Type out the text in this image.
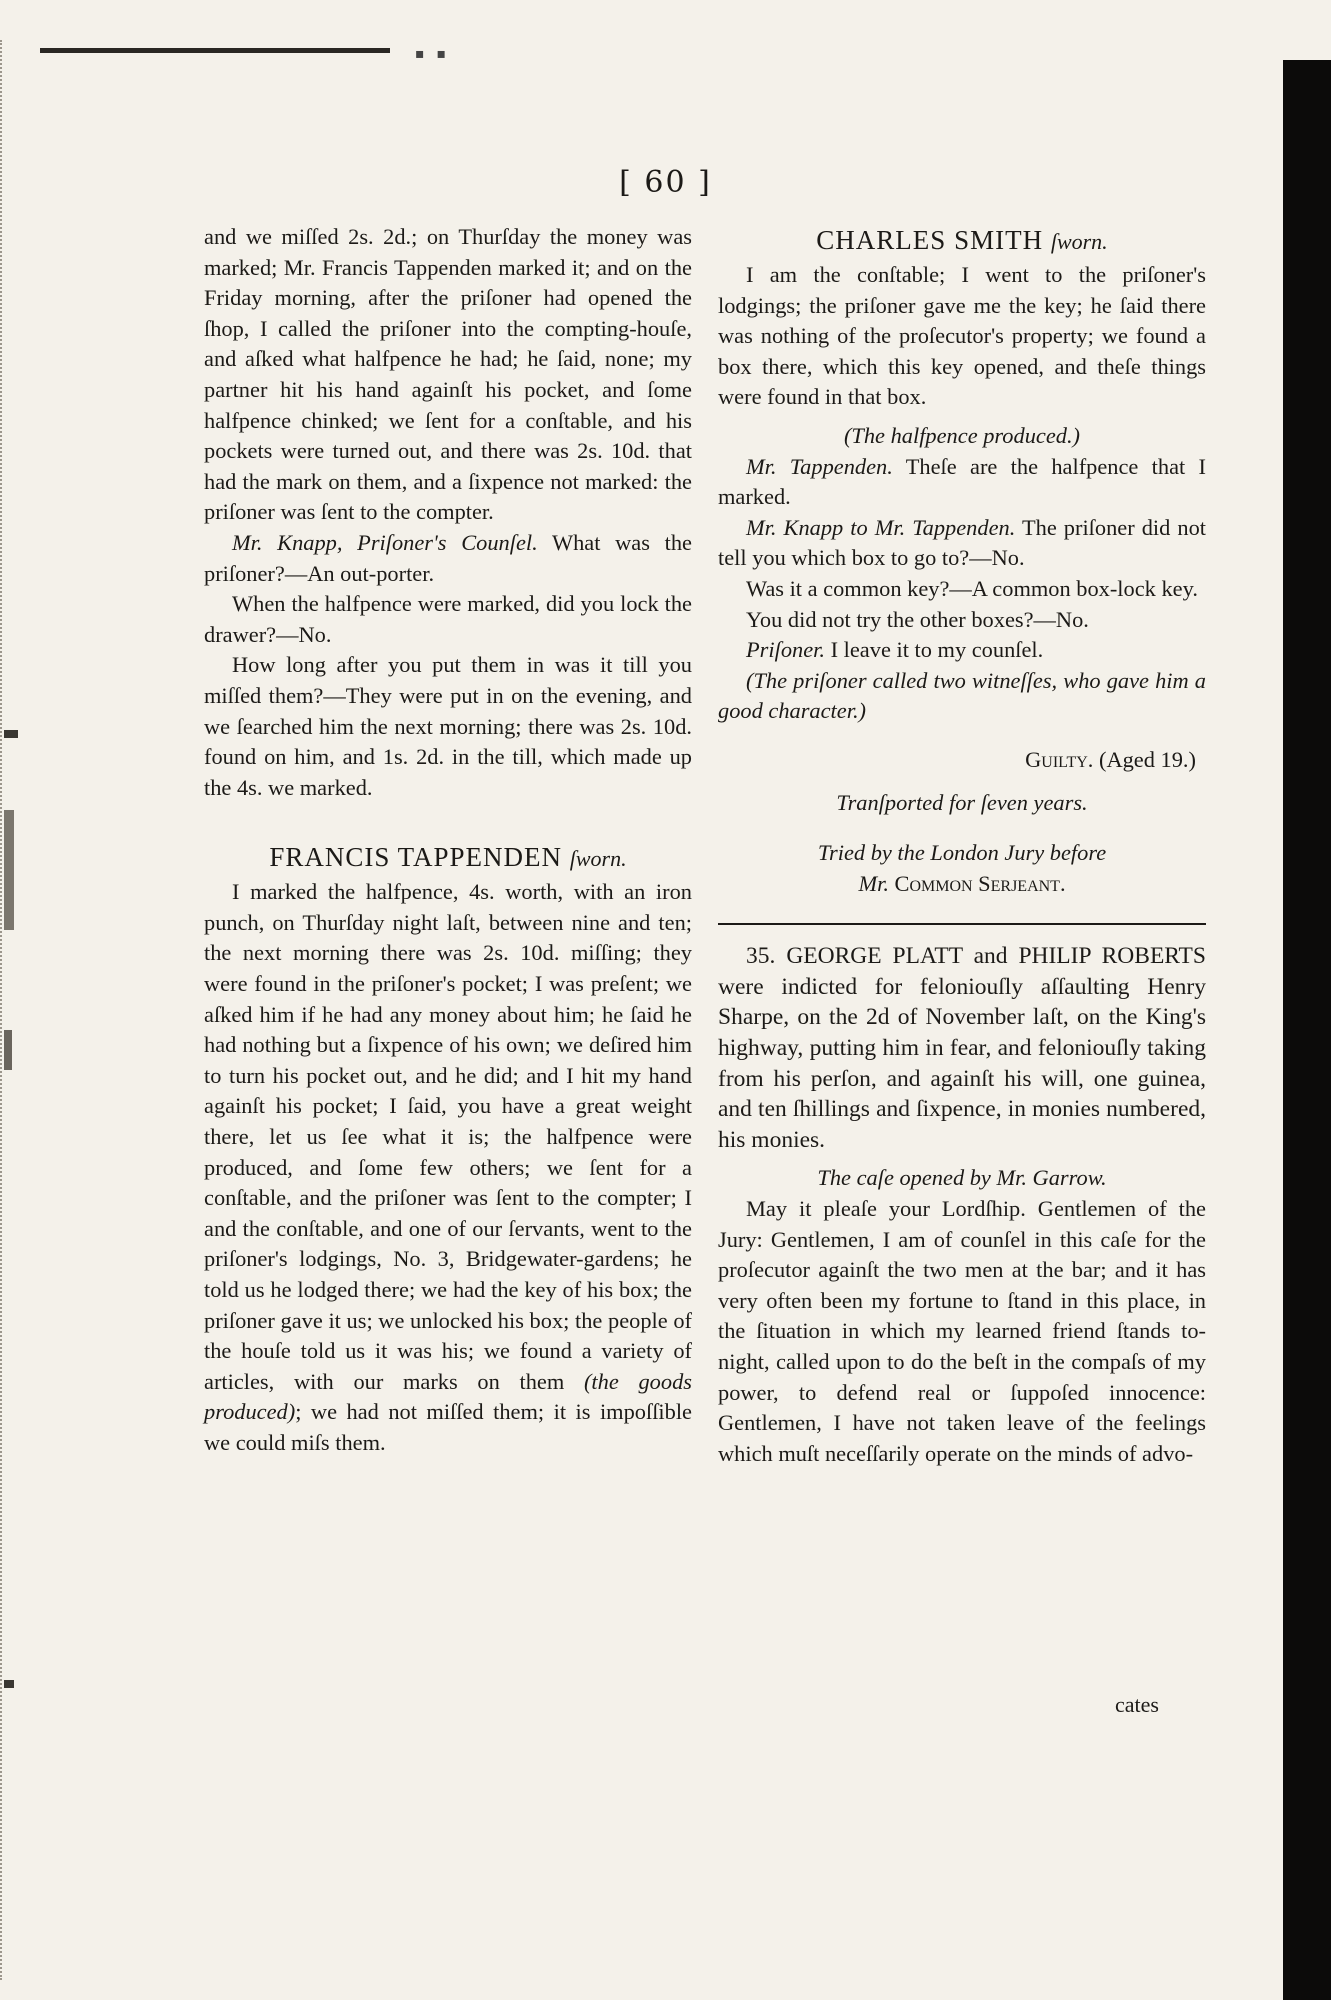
▪▪
[ 60 ]

and we miſſed 2s. 2d.; on Thurſday the money was marked; Mr. Francis Tappenden marked it; and on the Friday morning, after the priſoner had opened the ſhop, I called the priſoner into the compting-houſe, and aſked what halfpence he had; he ſaid, none; my partner hit his hand againſt his pocket, and ſome halfpence chinked; we ſent for a conſtable, and his pockets were turned out, and there was 2s. 10d. that had the mark on them, and a ſixpence not marked: the priſoner was ſent to the compter.

Mr. Knapp, Priſoner's Counſel. What was the priſoner?—An out-porter.

When the halfpence were marked, did you lock the drawer?—No.

How long after you put them in was it till you miſſed them?—They were put in on the evening, and we ſearched him the next morning; there was 2s. 10d. found on him, and 1s. 2d. in the till, which made up the 4s. we marked.

FRANCIS TAPPENDEN ſworn.

I marked the halfpence, 4s. worth, with an iron punch, on Thurſday night laſt, between nine and ten; the next morning there was 2s. 10d. miſſing; they were found in the priſoner's pocket; I was preſent; we aſked him if he had any money about him; he ſaid he had nothing but a ſixpence of his own; we deſired him to turn his pocket out, and he did; and I hit my hand againſt his pocket; I ſaid, you have a great weight there, let us ſee what it is; the halfpence were produced, and ſome few others; we ſent for a conſtable, and the priſoner was ſent to the compter; I and the conſtable, and one of our ſervants, went to the priſoner's lodgings, No. 3, Bridgewater-gardens; he told us he lodged there; we had the key of his box; the priſoner gave it us; we unlocked his box; the people of the houſe told us it was his; we found a variety of articles, with our marks on them (the goods produced); we had not miſſed them; it is impoſſible we could miſs them.

CHARLES SMITH ſworn.

I am the conſtable; I went to the priſoner's lodgings; the priſoner gave me the key; he ſaid there was nothing of the proſecutor's property; we found a box there, which this key opened, and theſe things were found in that box.

(The halfpence produced.)

Mr. Tappenden. Theſe are the halfpence that I marked.

Mr. Knapp to Mr. Tappenden. The priſoner did not tell you which box to go to?—No.

Was it a common key?—A common box-lock key.

You did not try the other boxes?—No.

Priſoner. I leave it to my counſel.

(The priſoner called two witneſſes, who gave him a good character.)

Guilty. (Aged 19.)

Tranſported for ſeven years.

Tried by the London Jury before

Mr. Common Serjeant.

35. GEORGE PLATT and PHILIP ROBERTS were indicted for feloniouſly aſſaulting Henry Sharpe, on the 2d of November laſt, on the King's highway, putting him in fear, and feloniouſly taking from his perſon, and againſt his will, one guinea, and ten ſhillings and ſixpence, in monies numbered, his monies.

The caſe opened by Mr. Garrow.

May it pleaſe your Lordſhip. Gentlemen of the Jury: Gentlemen, I am of counſel in this caſe for the proſecutor againſt the two men at the bar; and it has very often been my fortune to ſtand in this place, in the ſituation in which my learned friend ſtands to-night, called upon to do the beſt in the compaſs of my power, to defend real or ſuppoſed innocence: Gentlemen, I have not taken leave of the feelings which muſt neceſſarily operate on the minds of advo-

cates
